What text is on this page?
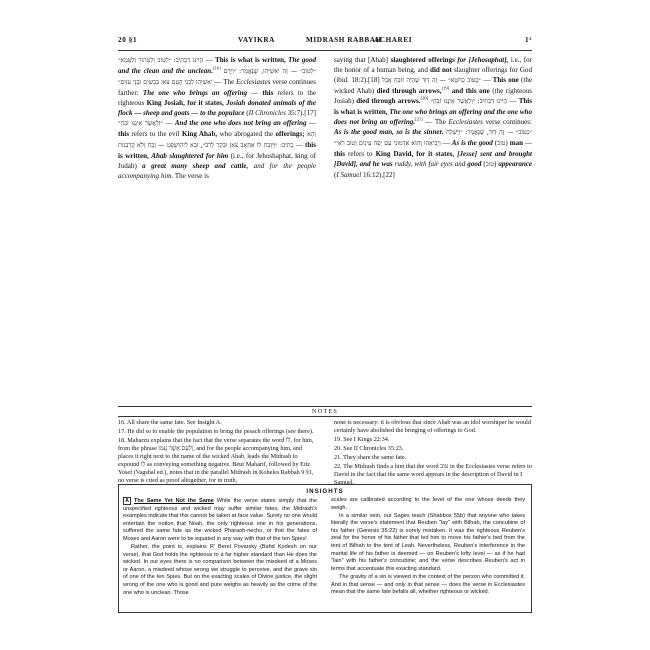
20 §1	VAYIKRA	MIDRASH RABBAH
ACHAREI	1²

הֲיִינוּ דִכְתִיב: ״לַטּוֹב וְלַטָּהוֹר וְלַטָּמֵא״ — This is what is written, The good and the clean and the unclean.[16] ״לַטּוֹב״ — זֶה יֹאשִׁיָּהוּ, שֶׁנֶּאֱמַר: ״וַיָּרֶם יֹאשִׁיָּהוּ לִבְנֵי הָעָם צֹאן כְּבָשִׂים וּבְנֵי עִזִּים״ — The Ecclesiastes verse continues farther: The one who brings an offering — this refers to the righteous King Josiah, for it states, Josiah donated animals of the flock — sheep and goats — to the populace (II Chronicles 35:7).[17] ״וְלַאֲשֶׁר אֵינֶנּוּ זֹבֵחַ״ — And the one who does not bring an offering — this refers to the evil King Ahab, who abrogated the offerings; וְהָא כְתִיב: ״וַיִּזְבַּח לוֹ אַחְאָב צֹאן וּבָקָר לָרֹב״, וּבָא לִיהוֹשָׁפָט — זֶבַח וְלֹא קָרְבָּנוֹת — this is written, Ahab slaughtered for him (i.e., for Jehoshaphat, king of Judah) a great many sheep and cattle, and for the people accompanying him. The verse is

saying that [Ahab] slaughtered offerings for [Jehosaphat], i.e., for the honor of a human being, and did not slaughter offerings for God (ibid. 18:2).[18] ״כַּטּוֹב כַּחֹטֶא״ — זֶה דָּוִד שֶׁהָיָה זוֹבֵחַ אֲבָל — This one (the wicked Ahab) died through arrows,[19] and this one (the righteous Josiah) died through arrows.[20] הֲיִינוּ דִכְתִיב: ״וְלַאֲשֶׁר אֵינֶנּוּ זֹבֵחַ״ — This is what is written, The one who brings an offering and the one who does not bring an offering.[21] — The Ecclesiastes verse continues: As is the good man, so is the sinner. ״כַּטּוֹב״ — זֶה דָּוִד, שֶׁנֶּאֱמַר: ״וַיִּשְׁלַח וַיְבִיאֵהוּ וְהוּא אַדְמוֹנִי עִם יְפֵה עֵינַיִם וְטוֹב רֹאִי״ — As is the good (טוב) man — this refers to King David, for it states, [Jesse] sent and brought [David], and he was ruddy, with fair eyes and good (טוב) appearance (I Samuel 16:12).[22]

NOTES

16. All share the same fate. See Insight A.

17. He did so to enable the population to bring the pesach offerings (see there).

18. Maharzu explains that the fact that the verse separates the word לו, for him, from the phrase וְלָעָם אֲשֶׁר עִמּוֹ, and for the people accompanying him, and places it right next to the name of the wicked Ahab, leads the Midrash to expound לו as conveying something negative. Beur Maharif, followed by Eitz Yosef (Vagshal ed.), notes that in the parallel Midrash in Koheles Rabbah 9 §1, no verse is cited as proof altogether, for in truth,

none is necessary: it is obvious that since Ahab was an idol worshiper he would certainly have abolished the bringing of offerings to God.

19. See I Kings 22:34.

20. See II Chronicles 35:23.

21. They share the same fate.

22. The Midrash finds a hint that the word טוב in the Ecclesiastes verse refers to David in the fact that the same word appears in the description of David in I Samuel.

INSIGHTS

A The Same Yet Not the Same While the verse states simply that the unspecified righteous and wicked may suffer similar fates, the Midrash's examples indicate that this cannot be taken at face value. Surely no one would entertain the notion that Noah, the only righteous one in his generations, suffered the same fate as the wicked Pharaoh-necho, or that the fates of Moses and Aaron were to be equated in any way with that of the ten Spies!

Rather, the point is, explains R' Berel Povarsky (Bahd Kodesh on our verse), that God holds the righteous to a far higher standard than He does the wicked. In our eyes there is no comparison between the misdeed of a Moses or Aaron, a misdeed whose wrong we struggle to perceive, and the grave sin of one of the ten Spies. But on the exacting scales of Divine justice, the slight wrong of the one who is good and pure weighs as heavily as the crime of the one who is unclean. Those

scales are calibrated according to the level of the one whose deeds they weigh.

In a similar vein, our Sages teach (Shabbos 55b) that anyone who takes literally the verse's statement that Reuben "lay" with Bilhah, the concubine of his father (Genesis 35:22) is sorely mistaken. It was the righteous Reuben's zeal for the honor of his father that led him to move his father's bed from the tent of Bilhah to the tent of Leah. Nevertheless, Reuben's interference in the marital life of his father is deemed — on Reuben's lofty level — as if he had "lain" with his father's concubine; and the verse describes Reuben's act in terms that accentuate this exacting standard.

The gravity of a sin is viewed in the context of the person who committed it. And in that sense — and only in that sense — does the verse in Ecclesiastes mean that the same fate befalls all, whether righteous or wicked.
